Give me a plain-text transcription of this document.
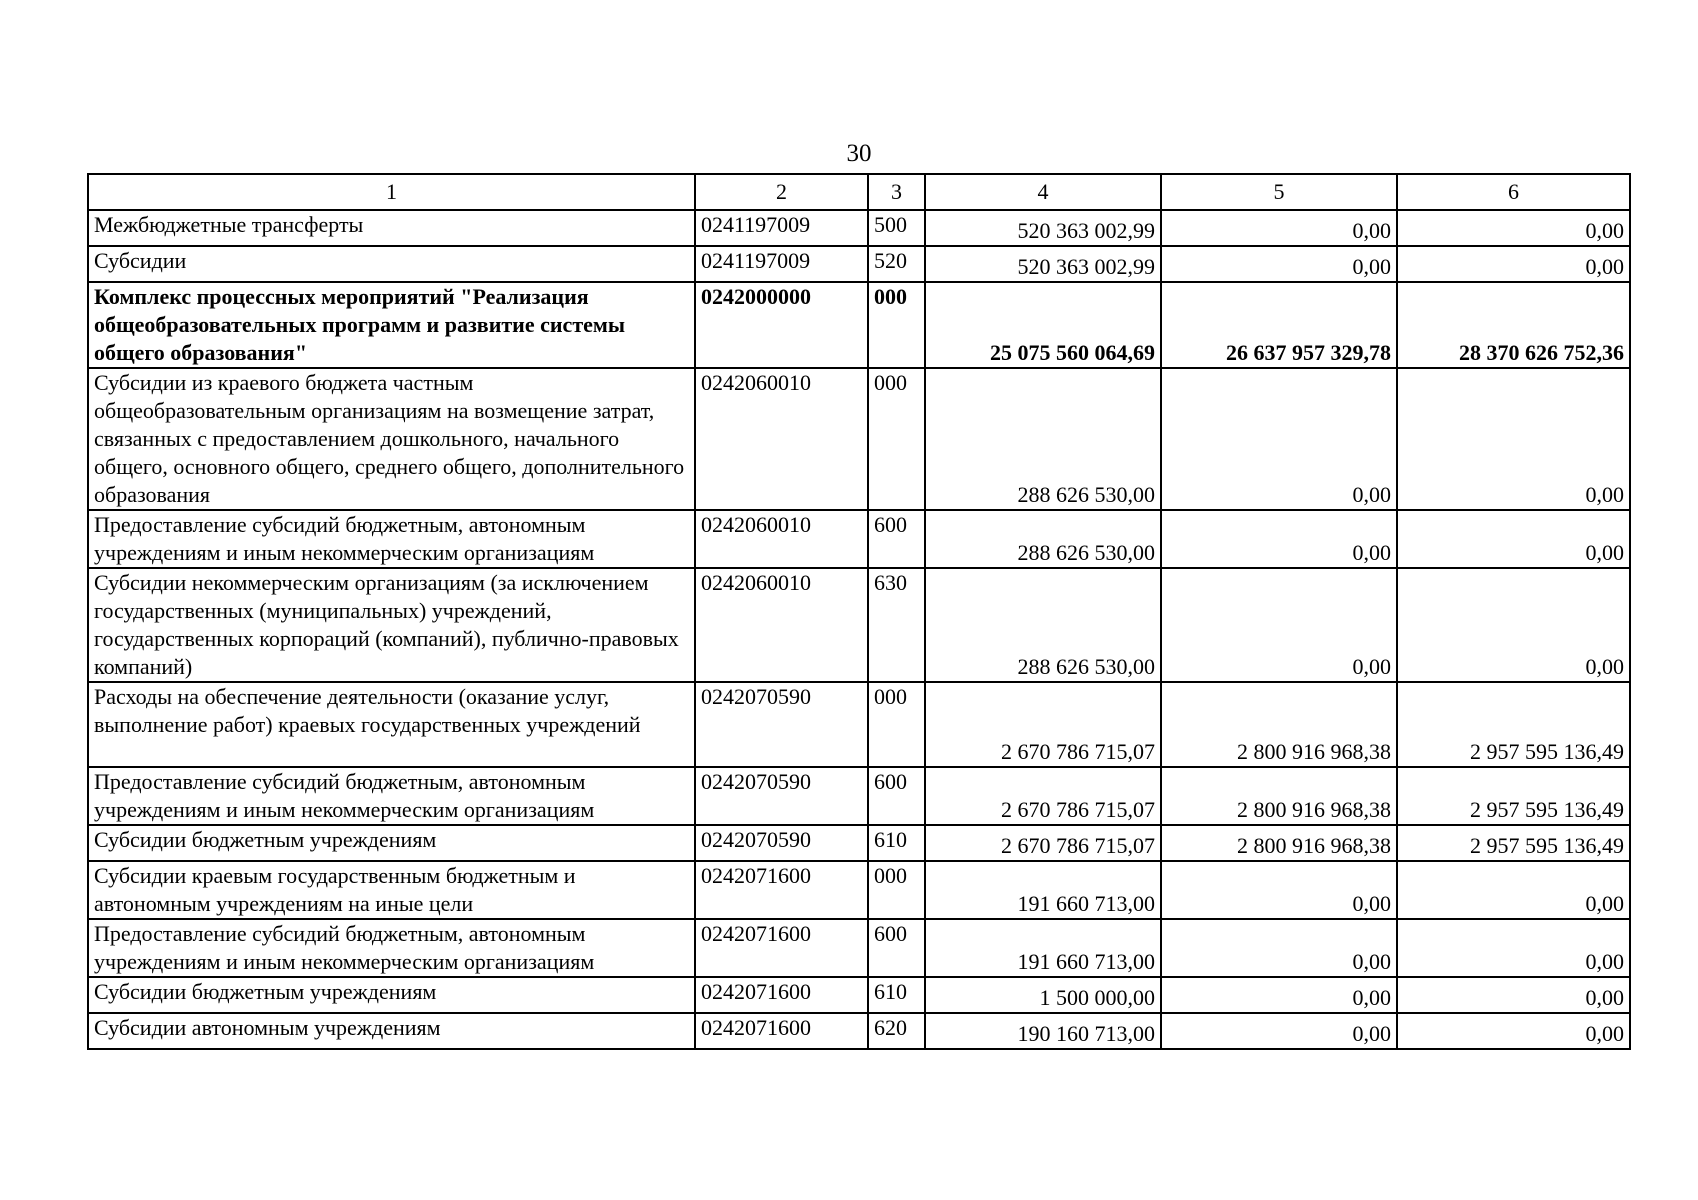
30
1	2	3	4	5	6
Межбюджетные трансферты	0241197009	500	520 363 002,99	0,00	0,00
Субсидии	0241197009	520	520 363 002,99	0,00	0,00
Комплекс процессных мероприятий "Реализация общеобразовательных программ и развитие системы общего образования"	0242000000	000	25 075 560 064,69	26 637 957 329,78	28 370 626 752,36
Субсидии из краевого бюджета частным общеобразовательным организациям на возмещение затрат, связанных с предоставлением дошкольного, начального общего, основного общего, среднего общего, дополнительного образования	0242060010	000	288 626 530,00	0,00	0,00
Предоставление субсидий бюджетным, автономным учреждениям и иным некоммерческим организациям	0242060010	600	288 626 530,00	0,00	0,00
Субсидии некоммерческим организациям (за исключением государственных (муниципальных) учреждений, государственных корпораций (компаний), публично-правовых компаний)	0242060010	630	288 626 530,00	0,00	0,00
Расходы на обеспечение деятельности (оказание услуг, выполнение работ) краевых государственных учреждений	0242070590	000	2 670 786 715,07	2 800 916 968,38	2 957 595 136,49
Предоставление субсидий бюджетным, автономным учреждениям и иным некоммерческим организациям	0242070590	600	2 670 786 715,07	2 800 916 968,38	2 957 595 136,49
Субсидии бюджетным учреждениям	0242070590	610	2 670 786 715,07	2 800 916 968,38	2 957 595 136,49
Субсидии краевым государственным бюджетным и автономным учреждениям на иные цели	0242071600	000	191 660 713,00	0,00	0,00
Предоставление субсидий бюджетным, автономным учреждениям и иным некоммерческим организациям	0242071600	600	191 660 713,00	0,00	0,00
Субсидии бюджетным учреждениям	0242071600	610	1 500 000,00	0,00	0,00
Субсидии автономным учреждениям	0242071600	620	190 160 713,00	0,00	0,00
